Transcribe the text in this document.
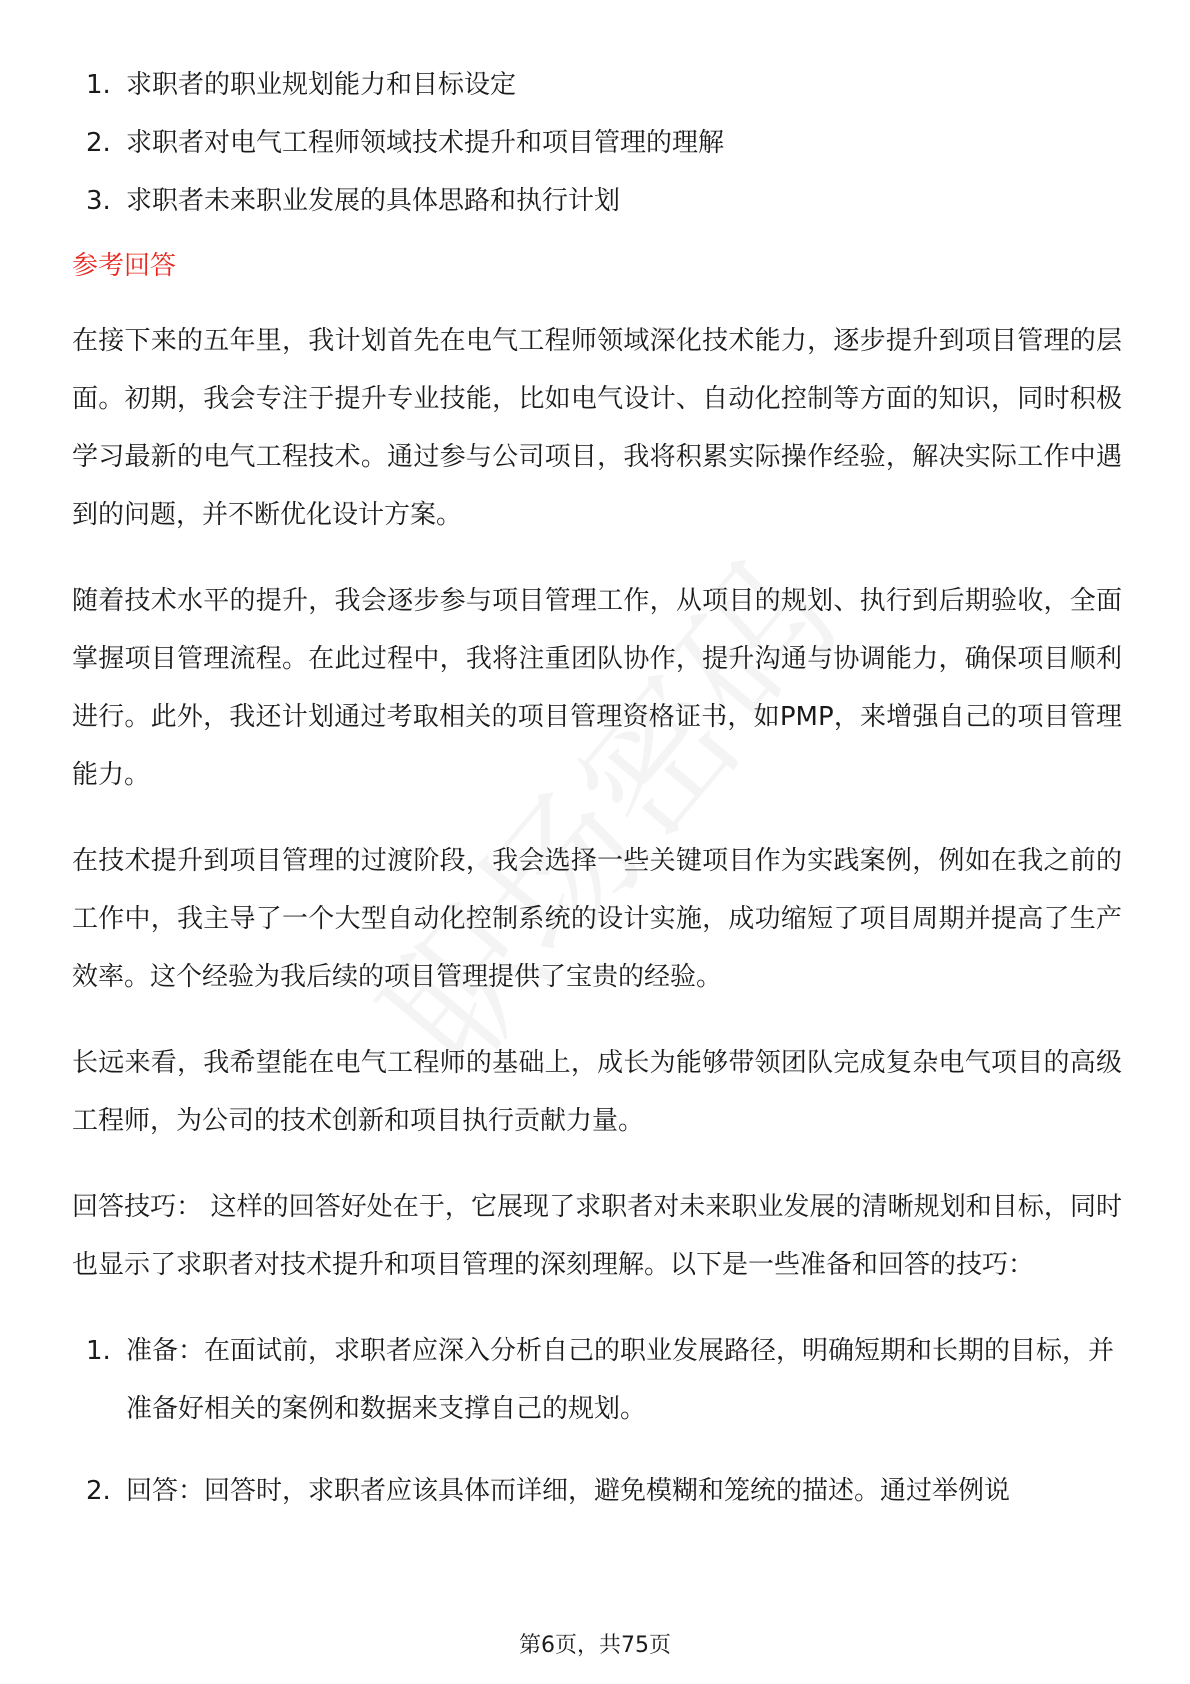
1. 求职者的职业规划能力和目标设定
2. 求职者对电气工程师领域技术提升和项目管理的理解
3. 求职者未来职业发展的具体思路和执行计划
参考回答

在接下来的五年里，我计划首先在电气工程师领域深化技术能力，逐步提升到项目管理的层面。初期，我会专注于提升专业技能，比如电气设计、自动化控制等方面的知识，同时积极学习最新的电气工程技术。通过参与公司项目，我将积累实际操作经验，解决实际工作中遇到的问题，并不断优化设计方案。

随着技术水平的提升，我会逐步参与项目管理工作，从项目的规划、执行到后期验收，全面掌握项目管理流程。在此过程中，我将注重团队协作，提升沟通与协调能力，确保项目顺利进行。此外，我还计划通过考取相关的项目管理资格证书，如PMP，来增强自己的项目管理能力。

在技术提升到项目管理的过渡阶段，我会选择一些关键项目作为实践案例，例如在我之前的工作中，我主导了一个大型自动化控制系统的设计实施，成功缩短了项目周期并提高了生产效率。这个经验为我后续的项目管理提供了宝贵的经验。

长远来看，我希望能在电气工程师的基础上，成长为能够带领团队完成复杂电气项目的高级工程师，为公司的技术创新和项目执行贡献力量。

回答技巧： 这样的回答好处在于，它展现了求职者对未来职业发展的清晰规划和目标，同时也显示了求职者对技术提升和项目管理的深刻理解。以下是一些准备和回答的技巧：

1. 准备：在面试前，求职者应深入分析自己的职业发展路径，明确短期和长期的目标，并准备好相关的案例和数据来支撑自己的规划。
2. 回答：回答时，求职者应该具体而详细，避免模糊和笼统的描述。通过举例说
第6页，共75页
